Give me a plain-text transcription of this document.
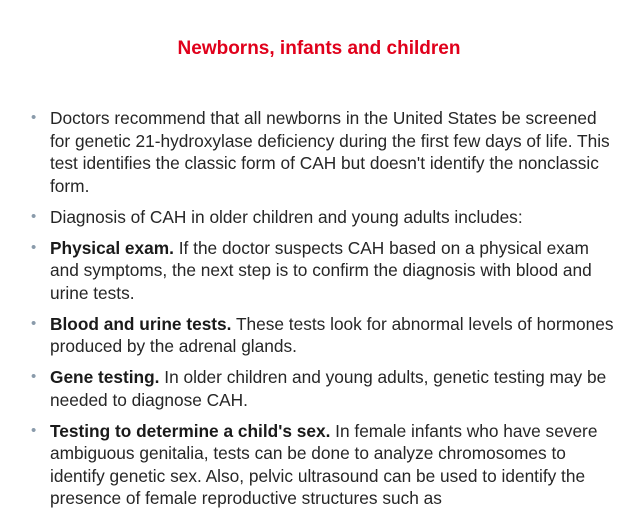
Newborns, infants and children
• Doctors recommend that all newborns in the United States be screened for genetic 21-hydroxylase deficiency during the first few days of life. This test identifies the classic form of CAH but doesn't identify the nonclassic form.
• Diagnosis of CAH in older children and young adults includes:
• Physical exam. If the doctor suspects CAH based on a physical exam and symptoms, the next step is to confirm the diagnosis with blood and urine tests.
• Blood and urine tests. These tests look for abnormal levels of hormones produced by the adrenal glands.
• Gene testing. In older children and young adults, genetic testing may be needed to diagnose CAH.
• Testing to determine a child's sex. In female infants who have severe ambiguous genitalia, tests can be done to analyze chromosomes to identify genetic sex. Also, pelvic ultrasound can be used to identify the presence of female reproductive structures such as
